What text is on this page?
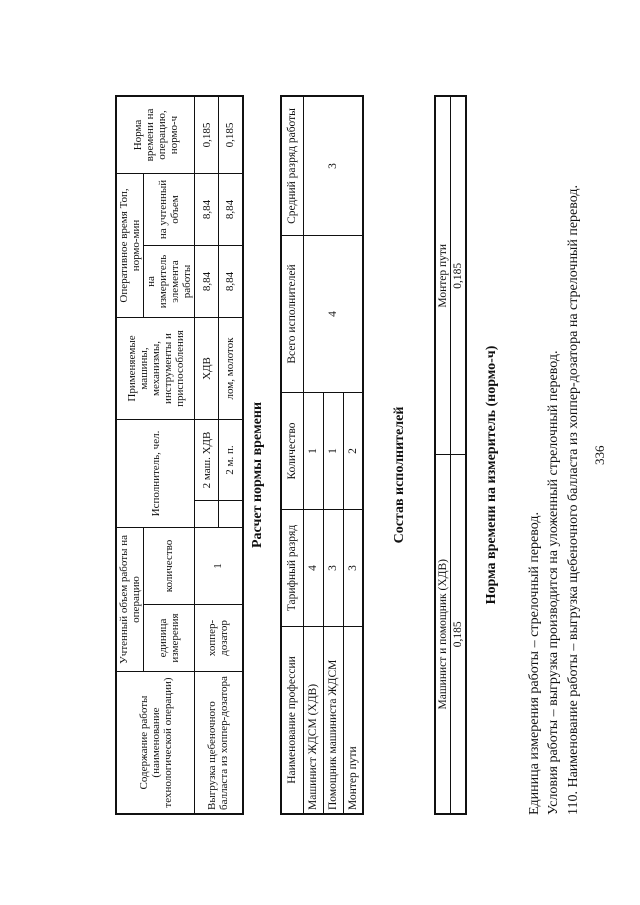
336
110. Наименование работы – выгрузка щебеночного балласта из хоппер-дозатора на стрелочный перевод.
Условия работы – выгрузка производится на уложенный стрелочный перевод.
Единица измерения работы – стрелочный перевод.
Норма времени на измеритель (нормо-ч)
Машинист и помощник (ХДВ)	Монтер пути
0,185	0,185
Состав исполнителей
Наименование профессии	Тарифный разряд	Количество	Всего исполнителей	Средний разряд работы
Машинист ЖДСМ (ХДВ)	4	1	4	3
Помощник машиниста ЖДСМ	3	1		
Монтер пути	3	2		
Расчет нормы времени
Содержание работы (наименование технологической операции)	Учтенный объем работы на операцию		Исполнитель, чел.		Применяемые машины, механизмы, инструменты и приспособления	Оперативное время Топ, нормо-мин		Норма времени на операцию, нормо-ч
	единица измерения	количество				на измеритель элемента работы	на учтенный объем	
Выгрузка щебеночного балласта из хоппер-дозатора	хоппер-дозатор	1		2 маш. ХДВ	ХДВ	8,84	8,84	0,185
				2 м. п.	лом, молоток	8,84	8,84	0,185
